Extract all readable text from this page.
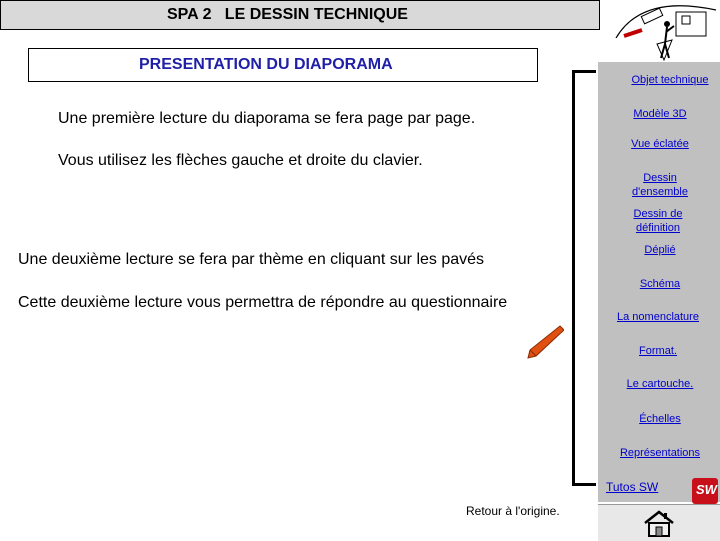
SPA 2   LE DESSIN TECHNIQUE
PRESENTATION DU DIAPORAMA
Une première lecture du diaporama se fera page par page.
Vous utilisez les flèches gauche et droite du clavier.
Une deuxième lecture se fera par thème en cliquant sur les pavés
Cette deuxième lecture vous permettra de répondre au questionnaire
Objet technique
Modèle 3D
Vue éclatée
Dessin
d'ensemble
Dessin de
définition
Déplié
Schéma
La nomenclature
Format.
Le cartouche.
Échelles
Représentations
Tutos SW	SW
Retour à l'origine.
